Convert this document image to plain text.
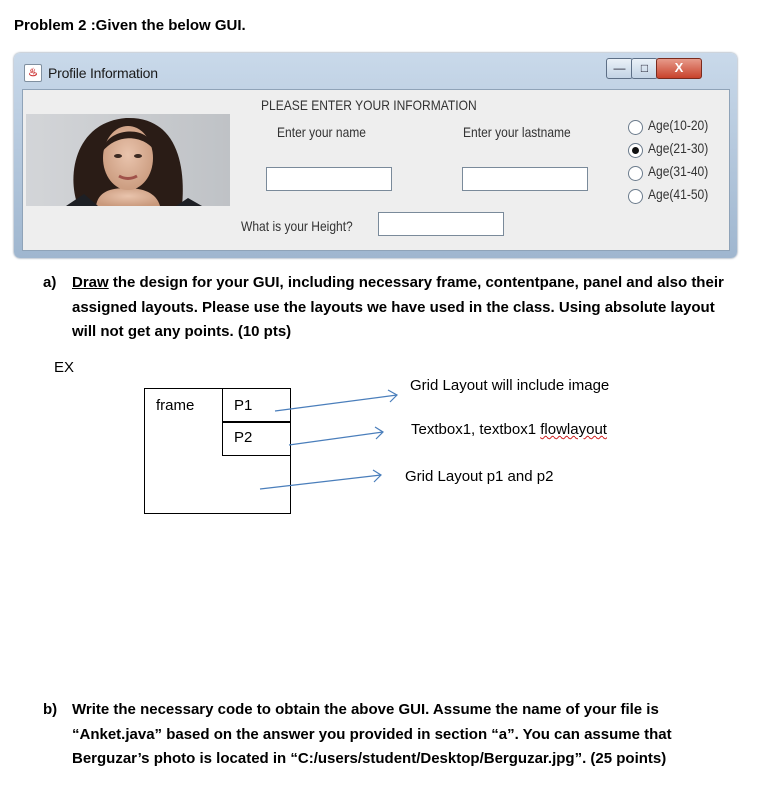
Problem 2 :Given the below GUI.
♨ Profile Information	—	□	X
PLEASE ENTER YOUR INFORMATION
Enter your name	Enter your lastname
What is your Height?
Age(10-20)
Age(21-30)
Age(31-40)
Age(41-50)
a) Draw the design for your GUI, including necessary frame, contentpane, panel and also their
assigned layouts. Please use the layouts we have used in the class. Using absolute layout
will not get any points. (10 pts)
EX
frame	P1
P2
Grid Layout will include image
Textbox1, textbox1 flowlayout
Grid Layout p1 and p2
b) Write the necessary code to obtain the above GUI. Assume the name of your file is
“Anket.java” based on the answer you provided in section “a”. You can assume that
Berguzar’s photo is located in “C:/users/student/Desktop/Berguzar.jpg”. (25 points)
